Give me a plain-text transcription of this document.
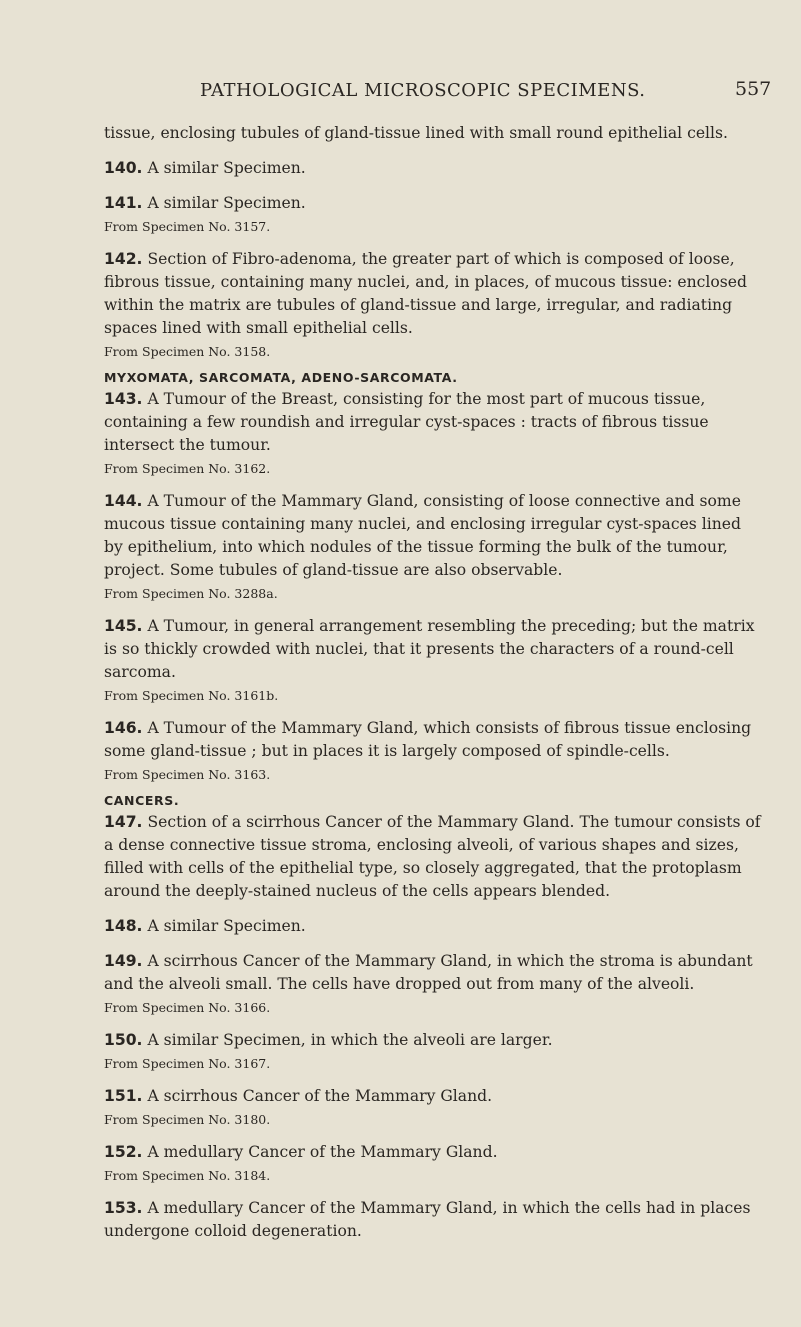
PATHOLOGICAL MICROSCOPIC SPECIMENS.	557

tissue, enclosing tubules of gland-tissue lined with small round epithelial cells.

140. A similar Specimen.

141. A similar Specimen.

From Specimen No. 3157.

142. Section of Fibro-adenoma, the greater part of which is composed of loose, fibrous tissue, containing many nuclei, and, in places, of mucous tissue: enclosed within the matrix are tubules of gland-tissue and large, irregular, and radiating spaces lined with small epithelial cells.

From Specimen No. 3158.

MYXOMATA, SARCOMATA, ADENO-SARCOMATA.

143. A Tumour of the Breast, consisting for the most part of mucous tissue, containing a few roundish and irregular cyst-spaces : tracts of fibrous tissue intersect the tumour.

From Specimen No. 3162.

144. A Tumour of the Mammary Gland, consisting of loose connective and some mucous tissue containing many nuclei, and enclosing irregular cyst-spaces lined by epithelium, into which nodules of the tissue forming the bulk of the tumour, project. Some tubules of gland-tissue are also observable.

From Specimen No. 3288a.

145. A Tumour, in general arrangement resembling the preceding; but the matrix is so thickly crowded with nuclei, that it presents the characters of a round-cell sarcoma.

From Specimen No. 3161b.

146. A Tumour of the Mammary Gland, which consists of fibrous tissue enclosing some gland-tissue ; but in places it is largely composed of spindle-cells.

From Specimen No. 3163.

CANCERS.

147. Section of a scirrhous Cancer of the Mammary Gland. The tumour consists of a dense connective tissue stroma, enclosing alveoli, of various shapes and sizes, filled with cells of the epithelial type, so closely aggregated, that the protoplasm around the deeply-stained nucleus of the cells appears blended.

148. A similar Specimen.

149. A scirrhous Cancer of the Mammary Gland, in which the stroma is abundant and the alveoli small. The cells have dropped out from many of the alveoli.

From Specimen No. 3166.

150. A similar Specimen, in which the alveoli are larger.

From Specimen No. 3167.

151. A scirrhous Cancer of the Mammary Gland.

From Specimen No. 3180.

152. A medullary Cancer of the Mammary Gland.

From Specimen No. 3184.

153. A medullary Cancer of the Mammary Gland, in which the cells had in places undergone colloid degeneration.
